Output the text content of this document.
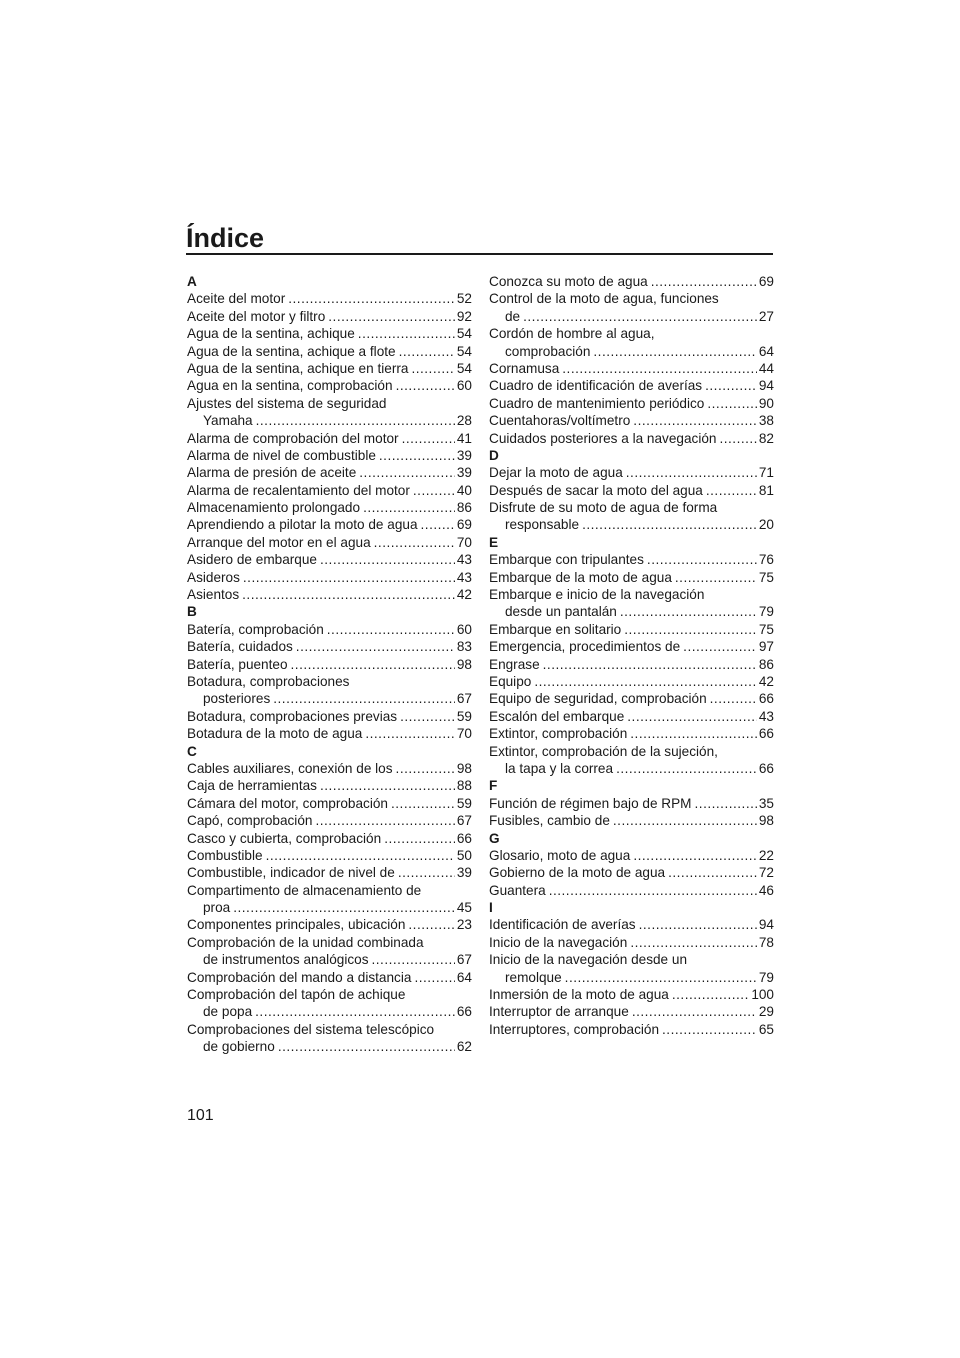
Índice
A
Aceite del motor .....	52
Aceite del motor y filtro .....	92
Agua de la sentina, achique .....	54
Agua de la sentina, achique a flote .....	54
Agua de la sentina, achique en tierra .....	54
Agua en la sentina, comprobación .....	60
Ajustes del sistema de seguridad
Yamaha .....	28
Alarma de comprobación del motor .....	41
Alarma de nivel de combustible .....	39
Alarma de presión de aceite .....	39
Alarma de recalentamiento del motor .....	40
Almacenamiento prolongado .....	86
Aprendiendo a pilotar la moto de agua .....	69
Arranque del motor en el agua .....	70
Asidero de embarque .....	43
Asideros .....	43
Asientos .....	42
B
Batería, comprobación .....	60
Batería, cuidados .....	83
Batería, puenteo .....	98
Botadura, comprobaciones
posteriores .....	67
Botadura, comprobaciones previas .....	59
Botadura de la moto de agua .....	70
C
Cables auxiliares, conexión de los .....	98
Caja de herramientas .....	88
Cámara del motor, comprobación .....	59
Capó, comprobación .....	67
Casco y cubierta, comprobación .....	66
Combustible .....	50
Combustible, indicador de nivel de .....	39
Compartimento de almacenamiento de
proa .....	45
Componentes principales, ubicación .....	23
Comprobación de la unidad combinada
de instrumentos analógicos .....	67
Comprobación del mando a distancia .....	64
Comprobación del tapón de achique
de popa .....	66
Comprobaciones del sistema telescópico
de gobierno .....	62
Conozca su moto de agua .....	69
Control de la moto de agua, funciones
de .....	27
Cordón de hombre al agua,
comprobación .....	64
Cornamusa .....	44
Cuadro de identificación de averías .....	94
Cuadro de mantenimiento periódico .....	90
Cuentahoras/voltímetro .....	38
Cuidados posteriores a la navegación .....	82
D
Dejar la moto de agua .....	71
Después de sacar la moto del agua .....	81
Disfrute de su moto de agua de forma
responsable .....	20
E
Embarque con tripulantes .....	76
Embarque de la moto de agua .....	75
Embarque e inicio de la navegación
desde un pantalán .....	79
Embarque en solitario .....	75
Emergencia, procedimientos de .....	97
Engrase .....	86
Equipo .....	42
Equipo de seguridad, comprobación .....	66
Escalón del embarque .....	43
Extintor, comprobación .....	66
Extintor, comprobación de la sujeción,
la tapa y la correa .....	66
F
Función de régimen bajo de RPM .....	35
Fusibles, cambio de .....	98
G
Glosario, moto de agua .....	22
Gobierno de la moto de agua .....	72
Guantera .....	46
I
Identificación de averías .....	94
Inicio de la navegación .....	78
Inicio de la navegación desde un
remolque .....	79
Inmersión de la moto de agua .....	100
Interruptor de arranque .....	29
Interruptores, comprobación .....	65
101
